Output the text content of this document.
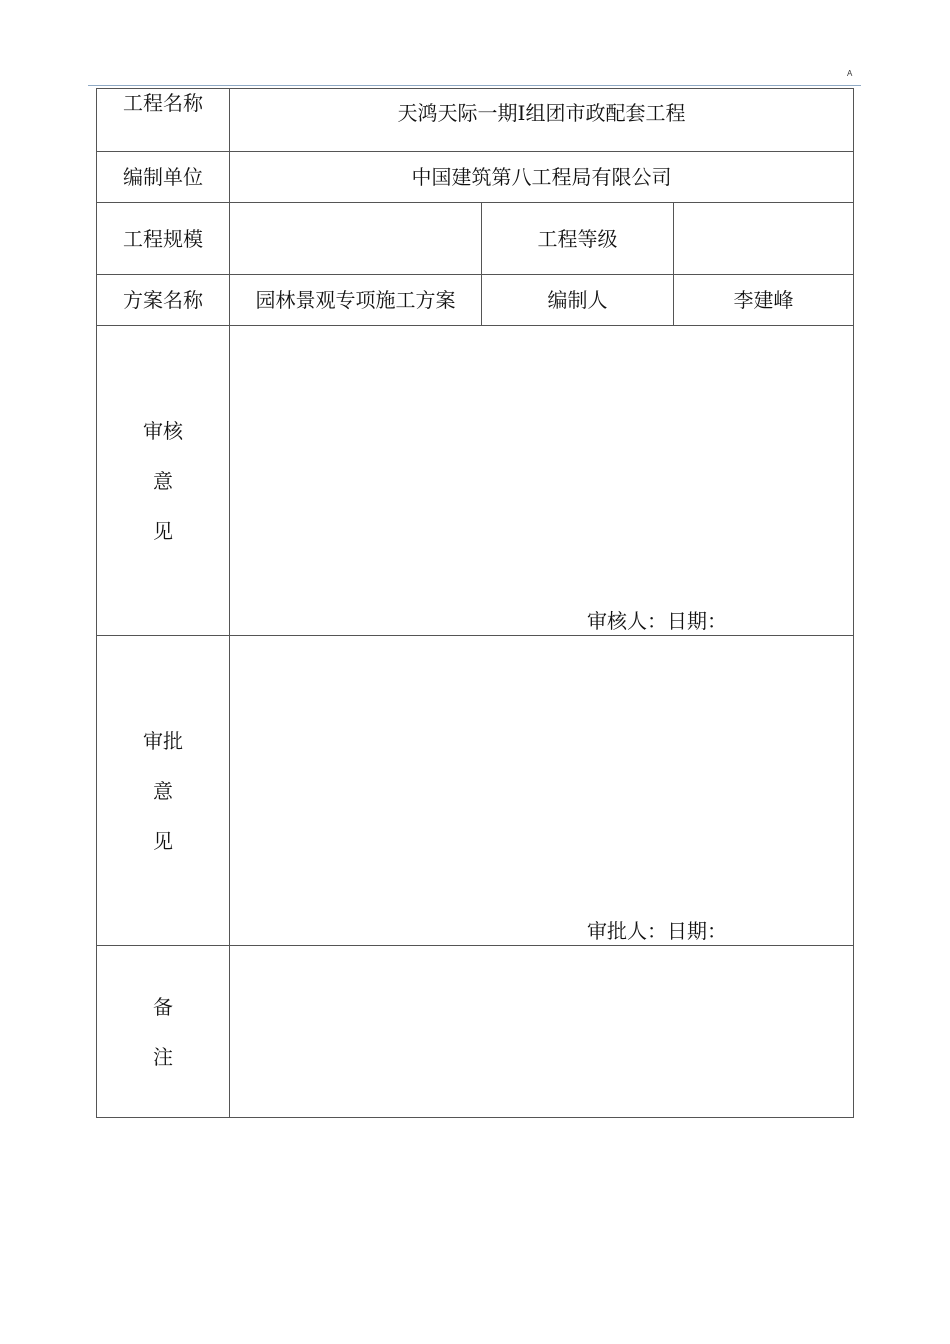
A
工程名称	天鸿天际一期Ⅰ组团市政配套工程		
编制单位	中国建筑第八工程局有限公司		
工程规模		工程等级	
方案名称	园林景观专项施工方案	编制人	李建峰

审核
意
见	审核人：日期：		

审批
意
见	审批人：日期：		

备
注			
